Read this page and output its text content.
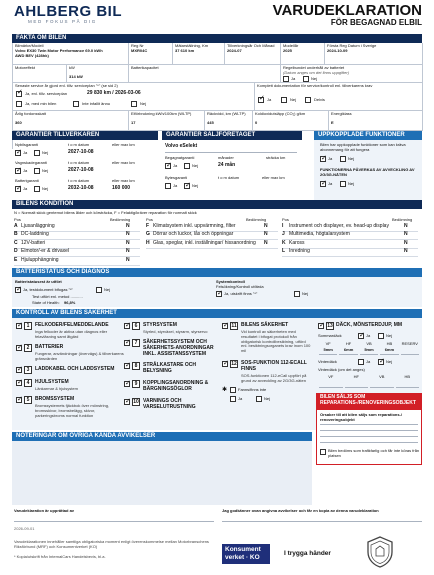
AHLBERG BIL
MED FOKUS PÅ DIG
VARUDEKLARATION
FÖR BEGAGNAD ELBIL
FAKTA OM BILEN
Bilmärke/Modell
Volvo EX30 Twin Motor Performance 69.0 kWh
AWD BEV (428hk)
Reg Nr
MXR04C
Mätarställning, Km
37 610 km
Tillverkningsår Och Månad
2024-07
Modellår
2025
Första Reg Datum i Sverige
2024-10-09
Motoreffekt	kW
314 kW
Batterikapacitet	Regelbundet underhåll av batteriet
(Datum anges om det finns uppgifter)
Ja	Nej
Senaste service år gjord enl. tillv. serviceplan "*" (se sid 2)
✓
Ja, enl. tillv. serviceplan	29 830 km / 2026-03-06
Ja, med min bilen	Inte infallit ännu	Nej
Komplett dokumentation för service/kontroll enl. tillverkarens krav
✓
Ja	Nej	Delvis
Årlig fordonsskatt
360
Elförbrukning kWh/100km (WLTP)
17
Räckvidd, km (WLTP)
445
Koldioxidutsläpp (CO₂) g/km
0
Energiklass
E
GARANTIER TILLVERKAREN
Nybilsgaranti	t o m datum	eller max km
✓
Ja	Nej	2027-10-08
Vagnskadegaranti	t o m datum	eller max km
✓
Ja	Nej	2027-10-08
Batterigaranti	t o m datum	eller max km
✓
Ja	Nej	2032-10-08	160 000
GARANTIER SÄLJFÖRETAGET
Volvo eSelekt
Begagnatgaranti	månader	sträcka km
✓
Ja	Nej	24 mån
Bytesgaranti	t o m datum	eller max km
Ja ✓	Nej
UPPKOPPLADE FUNKTIONER
Bilen har uppkopplade funktioner som kan kräva abonnemang för att fungera
✓
Ja	Nej
FUNKTIONERNA PÅVERKAS AV AVVECKLING AV 2G/3G-NÄTEN
✓
Ja	Nej
BILENS KONDITION
N = Normalt skick gentemot bilens ålder och körsträcka, F = Felaktig/kräver reparation för normalt skick
Pos	Bedömning	Pos	Bedömning	Pos	Bedömning
BATTERISTATUS OCH DIAGNOS
Batteristatusest är utfört
✓
Ja, testdokument bifogas "*"	Nej
Test utfört enl. metod ...........
State of Health: 96,8%
Systemkontroll
Felsökning/Kontroll utfärda
✓
Ja, utskrift finns "*"	Nej
KONTROLL AV BILENS SÄKERHET
✓
1	FELKODER/FELMEDDELANDE
Inga felkoder är aktiva utan diagnos eller felavläsning samt åtgärd
✓
2	BATTERIER
Fungerar, användningar (övervägs) & tillverkarens gränsvärden
✓
3	LADDKABEL OCH LADDSYSTEM
✓
4	HJULSYSTEM
Länkarmar & hjulsystem
✓
5	BROMSSYSTEM
Bromssystemets fjäckbok över mönstring, bromsskivor, bromsbelägg, skivor, parkeringsbroms normal funktion
✓
6	STYRSYSTEM
Styrled, styrväxel, styrarm, styrservo
✓
7	SÄKERHETSSYSTEM OCH SÄKERHETS-ANORDNINGAR INKL. ASSISTANSSYSTEM
✓
8	STRÅLKASTARE OCH BELYSNING
✓
9	KOPPLINGSANORDNING & BÄRGNINGSÖGLOR
✓
10 VARNINGS OCH VARSELUTRUSTNING
✓
11 BILENS SÄKERHET
Vid kontroll av säkerheten med resultatet i bifogat protokoll från obligatorisk kontrollbesiktning, utförd enl. besiktningsorganets krav inom 100 mil
✓
12 SOS-FUNKTION 112-ECALL FINNS
SOS-funktionen 112-eCall uppfört på grund av avveckling av 2G/3G-näten
✓
13 DÄCK, MÖNSTERDJUP, MM
Sommardäck ✓	Ja	Nej
VF
5mm
HF
6mm
VB
5mm
HB
6mm
RESERV
Vinterdäck	Ja ✓	Nej
Vinterdäck (om det anges)
VF	HF	VB	HB
✱	Fanns/finns inte
Ja	Nej	BILEN SÄLJS SOM REPARATIONS-/RENOVERINGSOBJEKT
Orsaker till att bilen säljs som reparations-/ renoveringsobjekt
Bilen bedöms som trafikfarlig och får inte köras från platsen
NOTERINGAR OM ÖVRIGA KÄNDA AVVIKELSER
Varudeklaration är upprättad av
2026-09-01
Jag godkänner ovan angivna avvikelser och får en kopia av denna varudeklaration
Varudeklarationen innehåller samtliga obligatoriska moment enligt överenskommelse mellan Motorbranschens Riksförbund (MRF) och Konsumentverket (KO)
* Kopia/utskrift från InternalCars Handelsbevis, bl.a.
Konsument
verket · KO
I trygga händer
A Ljusanläggning	N
B DC-laddning	N
C 12V-batteri	N
D Elmotor/-er & drivaxel	N
E Hjulupphängning	N
F Klimatsystem inkl. uppvärmning, filter	N
G Dörrar och luckor, lås och öppningar	N
H Glas, speglar, inkl. inställningar/ hissanordning N
I Instrument och displayer, ev. head-up display	N
J Multimedia, högtalarsystem	N
K Kaross	N
L Inredning	N
